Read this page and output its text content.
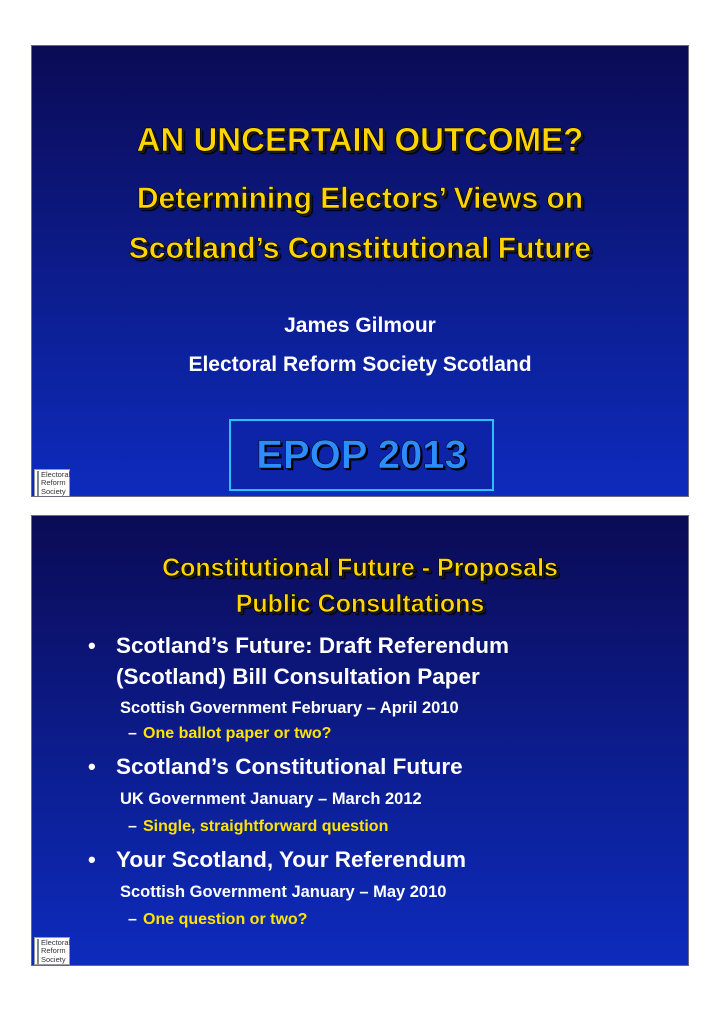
AN UNCERTAIN OUTCOME?

Determining Electors’ Views on

Scotland’s Constitutional Future

James Gilmour

Electoral Reform Society Scotland

EPOP 2013
Electoral
Reform
Society

Constitutional Future - Proposals

Public Consultations

• Scotland’s Future: Draft Referendum

(Scotland) Bill Consultation Paper

Scottish Government February – April 2010

– One ballot paper or two?

• Scotland’s Constitutional Future

UK Government January – March 2012

– Single, straightforward question

• Your Scotland, Your Referendum

Scottish Government January – May 2010

– One question or two?

Electoral
Reform
Society
